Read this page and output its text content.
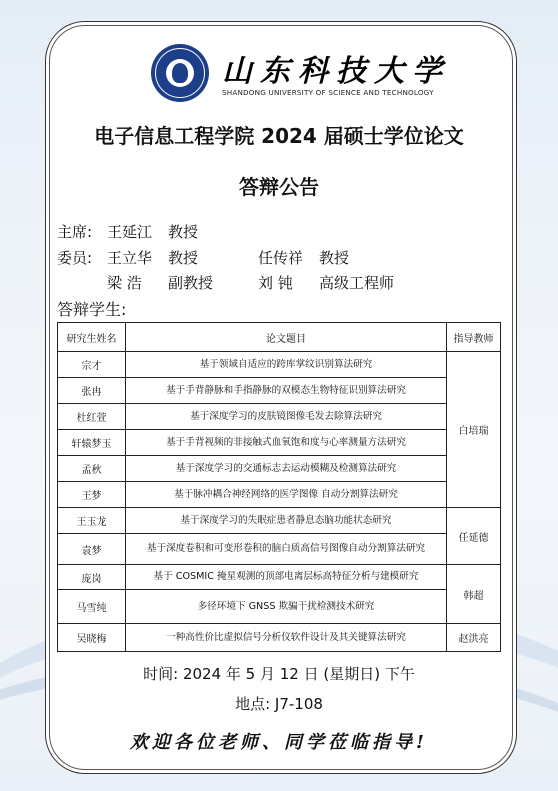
山东科技大学
SHANDONG UNIVERSITY OF SCIENCE AND TECHNOLOGY
电子信息工程学院 2024 届硕士学位论文
答辩公告
主席: 王延江 教授
委员: 王立华 教授	任传祥 教授
梁 浩 副教授	刘 钝 高级工程师
答辩学生:
研究生姓名	论文题目	指导教师
宗才	基于领域自适应的跨库掌纹识别算法研究	白培瑞
张冉	基于手背静脉和手指静脉的双模态生物特征识别算法研究	
杜红萱	基于深度学习的皮肤镜图像毛发去除算法研究	
轩辕梦玉	基于手背视频的非接触式血氧饱和度与心率测量方法研究	
孟秋	基于深度学习的交通标志去运动模糊及检测算法研究	
王梦	基于脉冲耦合神经网络的医学图像 自动分割算法研究	
王玉龙	基于深度学习的失眠症患者静息态脑功能状态研究	任延德
袁梦	基于深度卷积和可变形卷积的脑白质高信号图像自动分割算法研究	
庞岗	基于 COSMIC 掩星观测的顶部电离层标高特征分析与建模研究	韩超
马雪纯	多径环境下 GNSS 欺骗干扰检测技术研究	
吴晓梅	一种高性价比虚拟信号分析仪软件设计及其关键算法研究	赵洪亮
时间: 2024 年 5 月 12 日 (星期日) 下午
地点: J7-108
欢迎各位老师、同学莅临指导!
